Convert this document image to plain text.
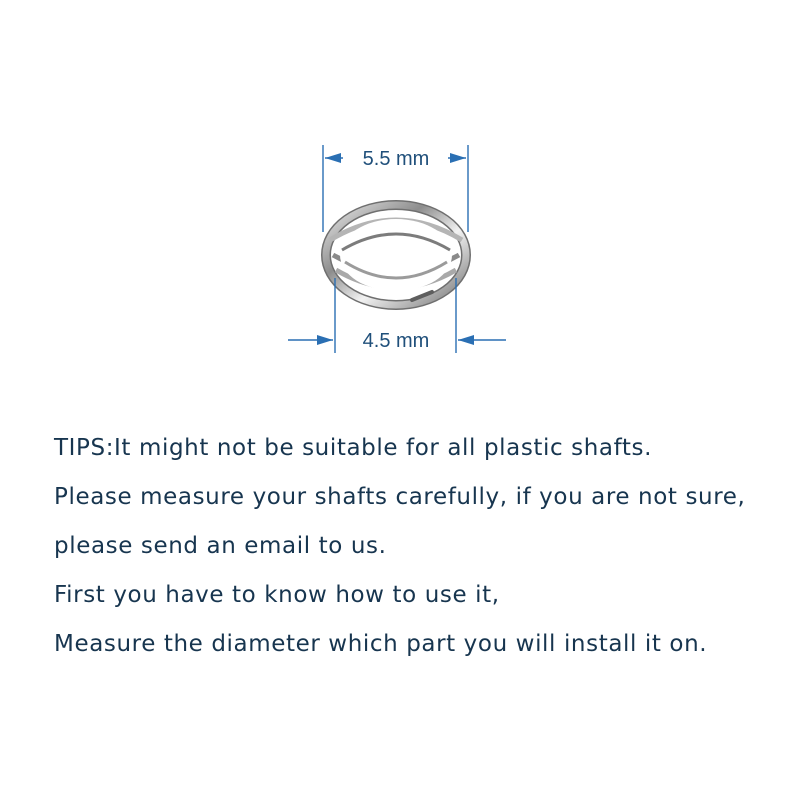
5.5 mm
4.5 mm
TIPS:It might not be suitable for all plastic shafts.
Please measure your shafts carefully, if you are not sure,
please send an email to us.
First you have to know how to use it,
Measure the diameter which part you will install it on.
